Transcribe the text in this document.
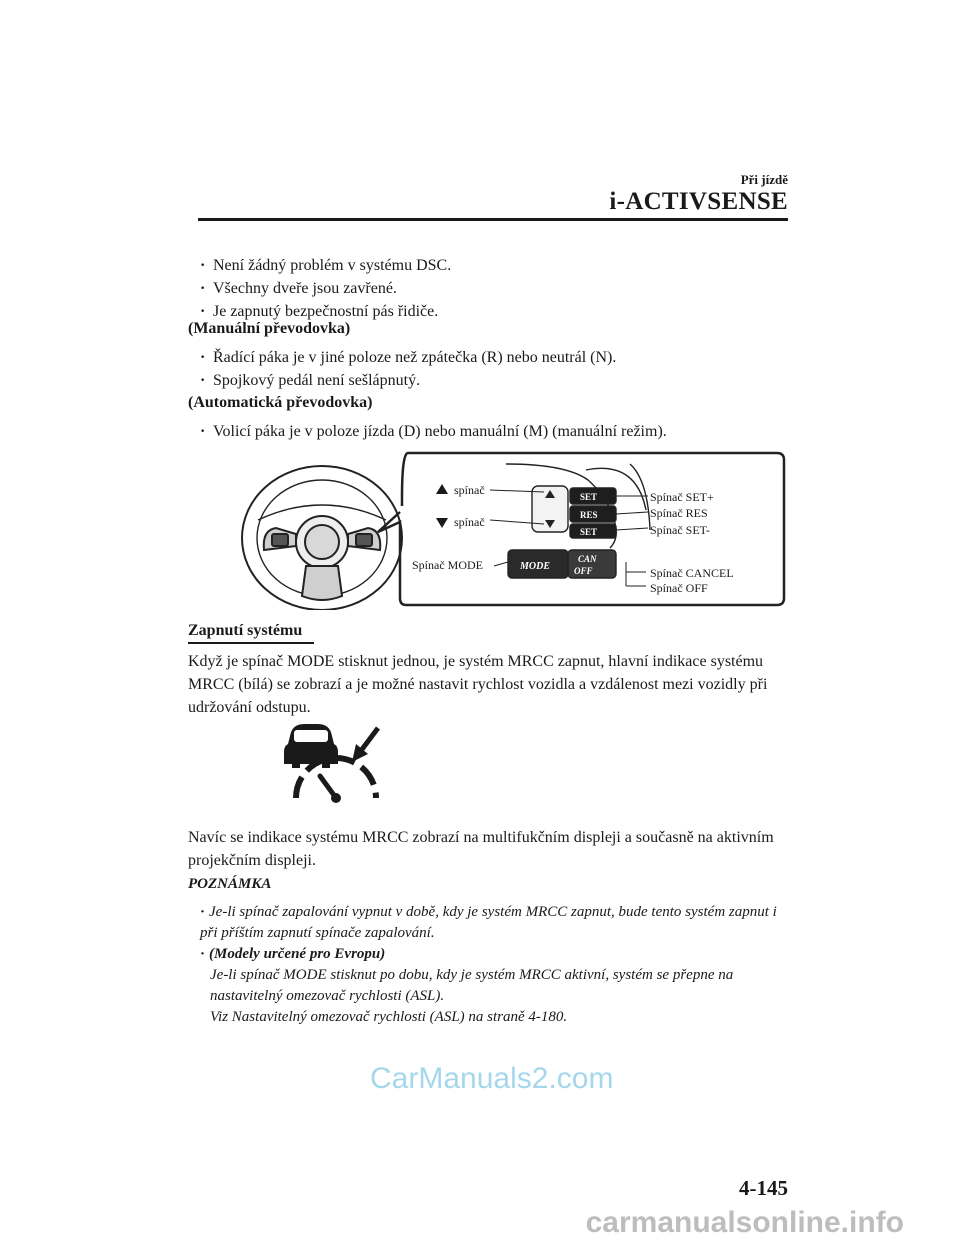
Při jízdě
i-ACTIVSENSE
· Není žádný problém v systému DSC.
· Všechny dveře jsou zavřené.
· Je zapnutý bezpečnostní pás řidiče.
(Manuální převodovka)
· Řadící páka je v jiné poloze než zpátečka (R) nebo neutrál (N).
· Spojkový pedál není sešlápnutý.
(Automatická převodovka)
· Volicí páka je v poloze jízda (D) nebo manuální (M) (manuální režim).
SET
RES
SET
MODE
CAN
OFF
spínač
spínač
Spínač MODE
Spínač SET+
Spínač RES
Spínač SET-
Spínač CANCEL
Spínač OFF
Zapnutí systému
Když je spínač MODE stisknut jednou, je systém MRCC zapnut, hlavní indikace systému MRCC (bílá) se zobrazí a je možné nastavit rychlost vozidla a vzdálenost mezi vozidly při udržování odstupu.
Navíc se indikace systému MRCC zobrazí na multifukčním displeji a současně na aktivním projekčním displeji.
POZNÁMKA
· Je-li spínač zapalování vypnut v době, kdy je systém MRCC zapnut, bude tento systém zapnut i při příštím zapnutí spínače zapalování.
· (Modely určené pro Evropu)
Je-li spínač MODE stisknut po dobu, kdy je systém MRCC aktivní, systém se přepne na nastavitelný omezovač rychlosti (ASL).
Viz Nastavitelný omezovač rychlosti (ASL) na straně 4-180.
4-145
CarManuals2.com
carmanualsonline.info
